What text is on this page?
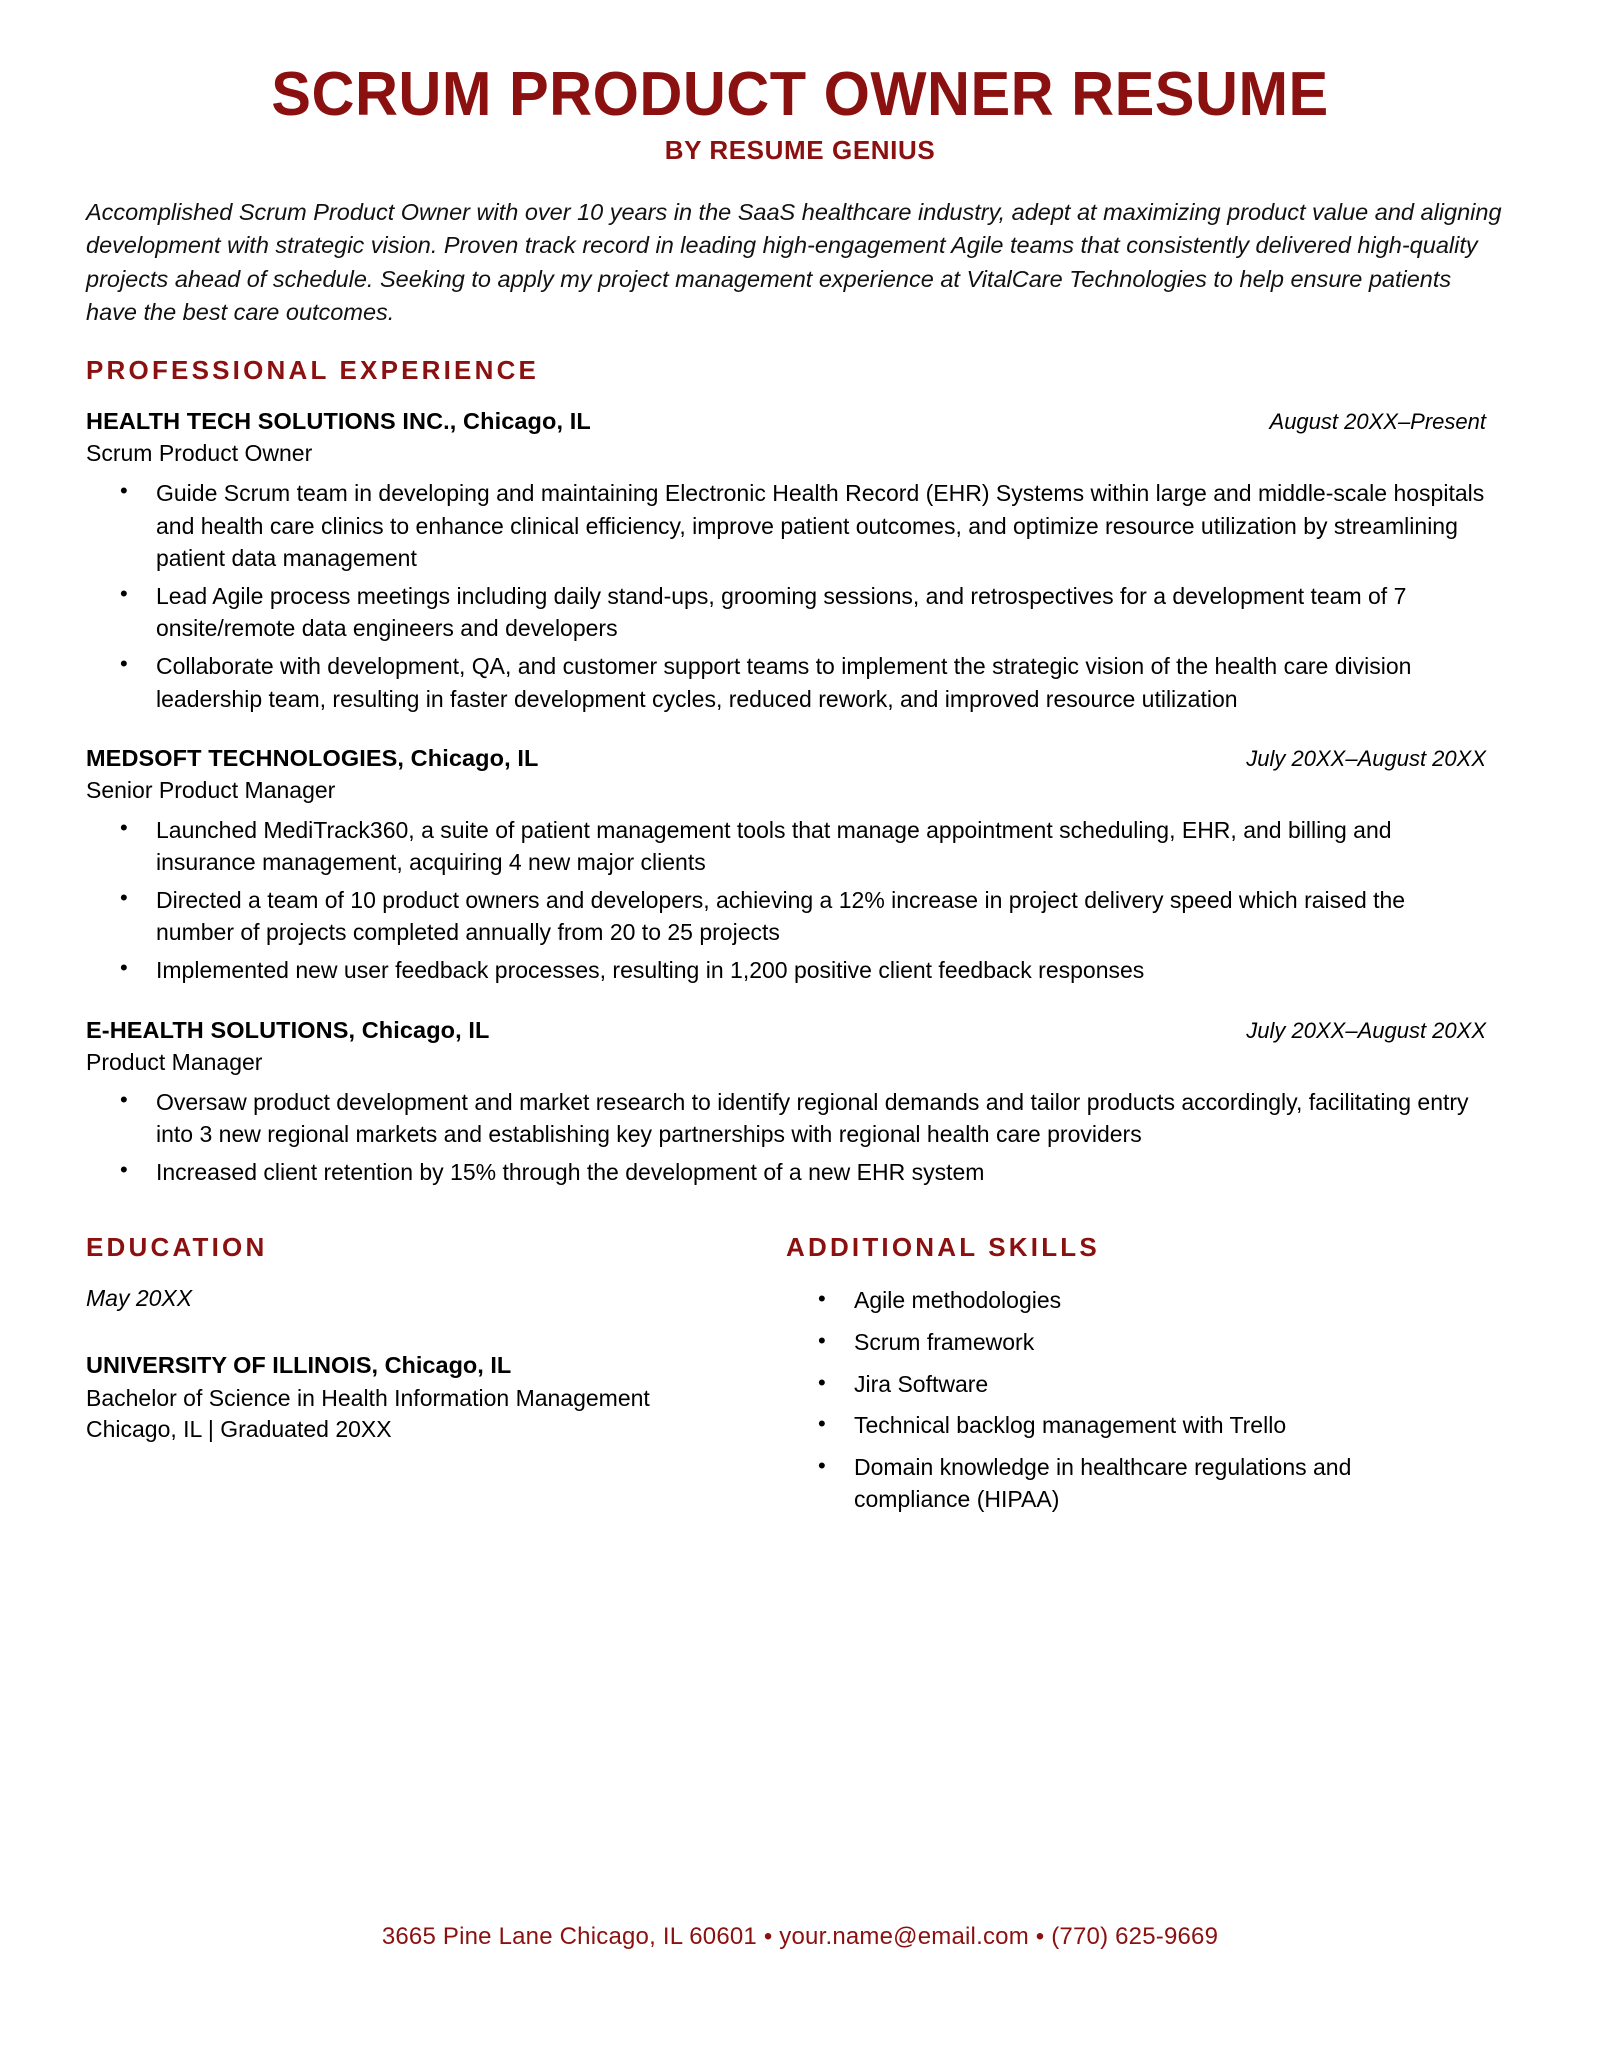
SCRUM PRODUCT OWNER RESUME
BY RESUME GENIUS

Accomplished Scrum Product Owner with over 10 years in the SaaS healthcare industry, adept at maximizing product value and aligning development with strategic vision. Proven track record in leading high-engagement Agile teams that consistently delivered high-quality projects ahead of schedule. Seeking to apply my project management experience at VitalCare Technologies to help ensure patients have the best care outcomes.

PROFESSIONAL EXPERIENCE
HEALTH TECH SOLUTIONS INC., Chicago, IL	August 20XX–Present
Scrum Product Owner
• Guide Scrum team in developing and maintaining Electronic Health Record (EHR) Systems within large and middle-scale hospitals and health care clinics to enhance clinical efficiency, improve patient outcomes, and optimize resource utilization by streamlining patient data management
• Lead Agile process meetings including daily stand-ups, grooming sessions, and retrospectives for a development team of 7 onsite/remote data engineers and developers
• Collaborate with development, QA, and customer support teams to implement the strategic vision of the health care division leadership team, resulting in faster development cycles, reduced rework, and improved resource utilization
MEDSOFT TECHNOLOGIES, Chicago, IL	July 20XX–August 20XX
Senior Product Manager
• Launched MediTrack360, a suite of patient management tools that manage appointment scheduling, EHR, and billing and insurance management, acquiring 4 new major clients
• Directed a team of 10 product owners and developers, achieving a 12% increase in project delivery speed which raised the number of projects completed annually from 20 to 25 projects
• Implemented new user feedback processes, resulting in 1,200 positive client feedback responses
E-HEALTH SOLUTIONS, Chicago, IL	July 20XX–August 20XX
Product Manager
• Oversaw product development and market research to identify regional demands and tailor products accordingly, facilitating entry into 3 new regional markets and establishing key partnerships with regional health care providers
• Increased client retention by 15% through the development of a new EHR system
EDUCATION
May 20XX
UNIVERSITY OF ILLINOIS, Chicago, IL
Bachelor of Science in Health Information Management
Chicago, IL | Graduated 20XX
ADDITIONAL SKILLS
• Agile methodologies
• Scrum framework
• Jira Software
• Technical backlog management with Trello
• Domain knowledge in healthcare regulations and compliance (HIPAA)
3665 Pine Lane Chicago, IL 60601 • your.name@email.com • (770) 625-9669
